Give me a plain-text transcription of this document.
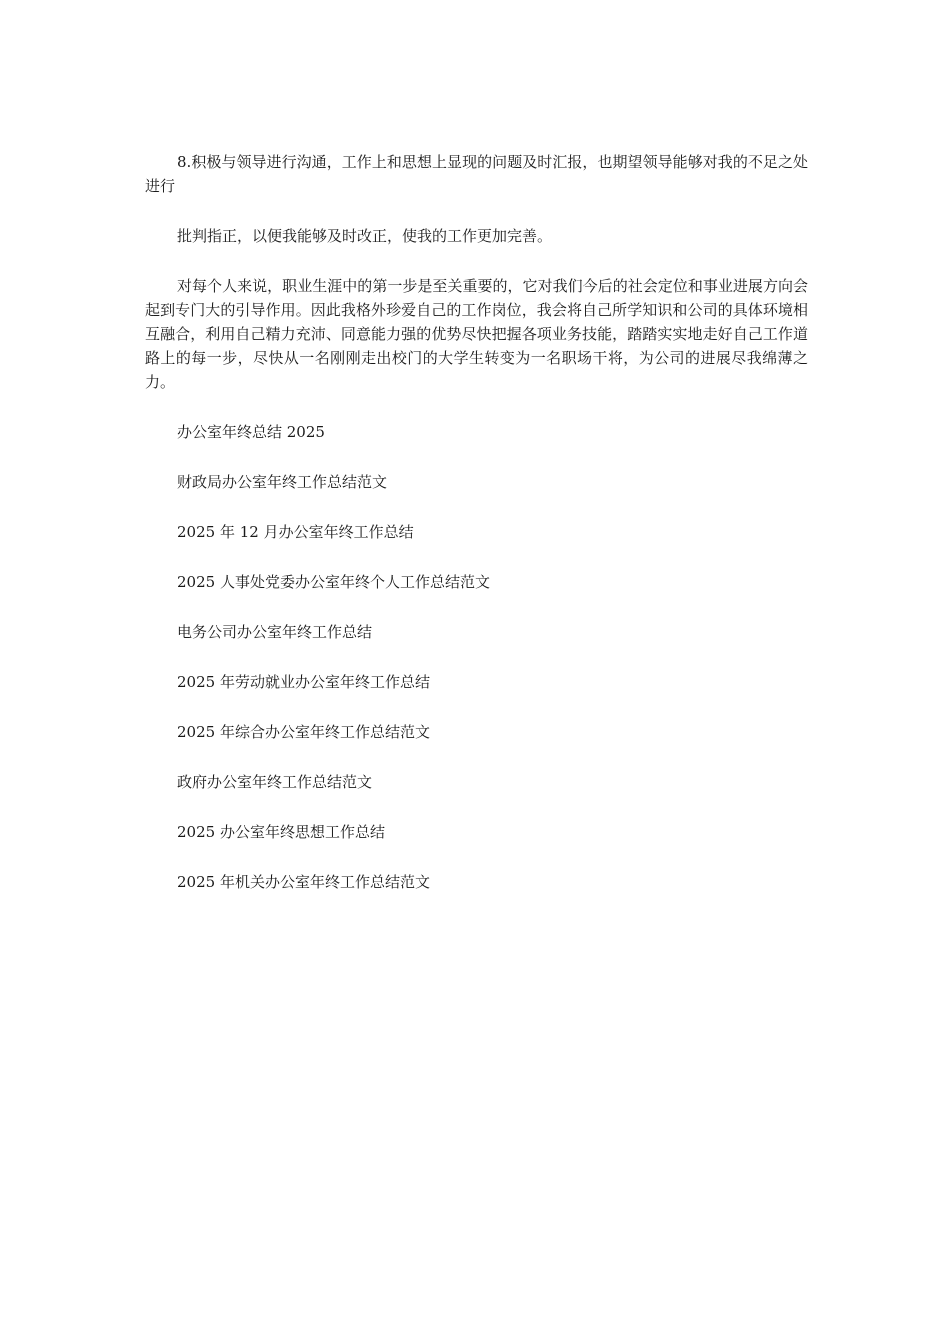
8.积极与领导进行沟通，工作上和思想上显现的问题及时汇报，也期望领导能够对我的不足之处进行

批判指正，以便我能够及时改正，使我的工作更加完善。

对每个人来说，职业生涯中的第一步是至关重要的，它对我们今后的社会定位和事业进展方向会起到专门大的引导作用。因此我格外珍爱自己的工作岗位，我会将自己所学知识和公司的具体环境相互融合，利用自己精力充沛、同意能力强的优势尽快把握各项业务技能，踏踏实实地走好自己工作道路上的每一步，尽快从一名刚刚走出校门的大学生转变为一名职场干将，为公司的进展尽我绵薄之力。

办公室年终总结 2025
财政局办公室年终工作总结范文
2025 年 12 月办公室年终工作总结
2025 人事处党委办公室年终个人工作总结范文
电务公司办公室年终工作总结
2025 年劳动就业办公室年终工作总结
2025 年综合办公室年终工作总结范文
政府办公室年终工作总结范文
2025 办公室年终思想工作总结
2025 年机关办公室年终工作总结范文
